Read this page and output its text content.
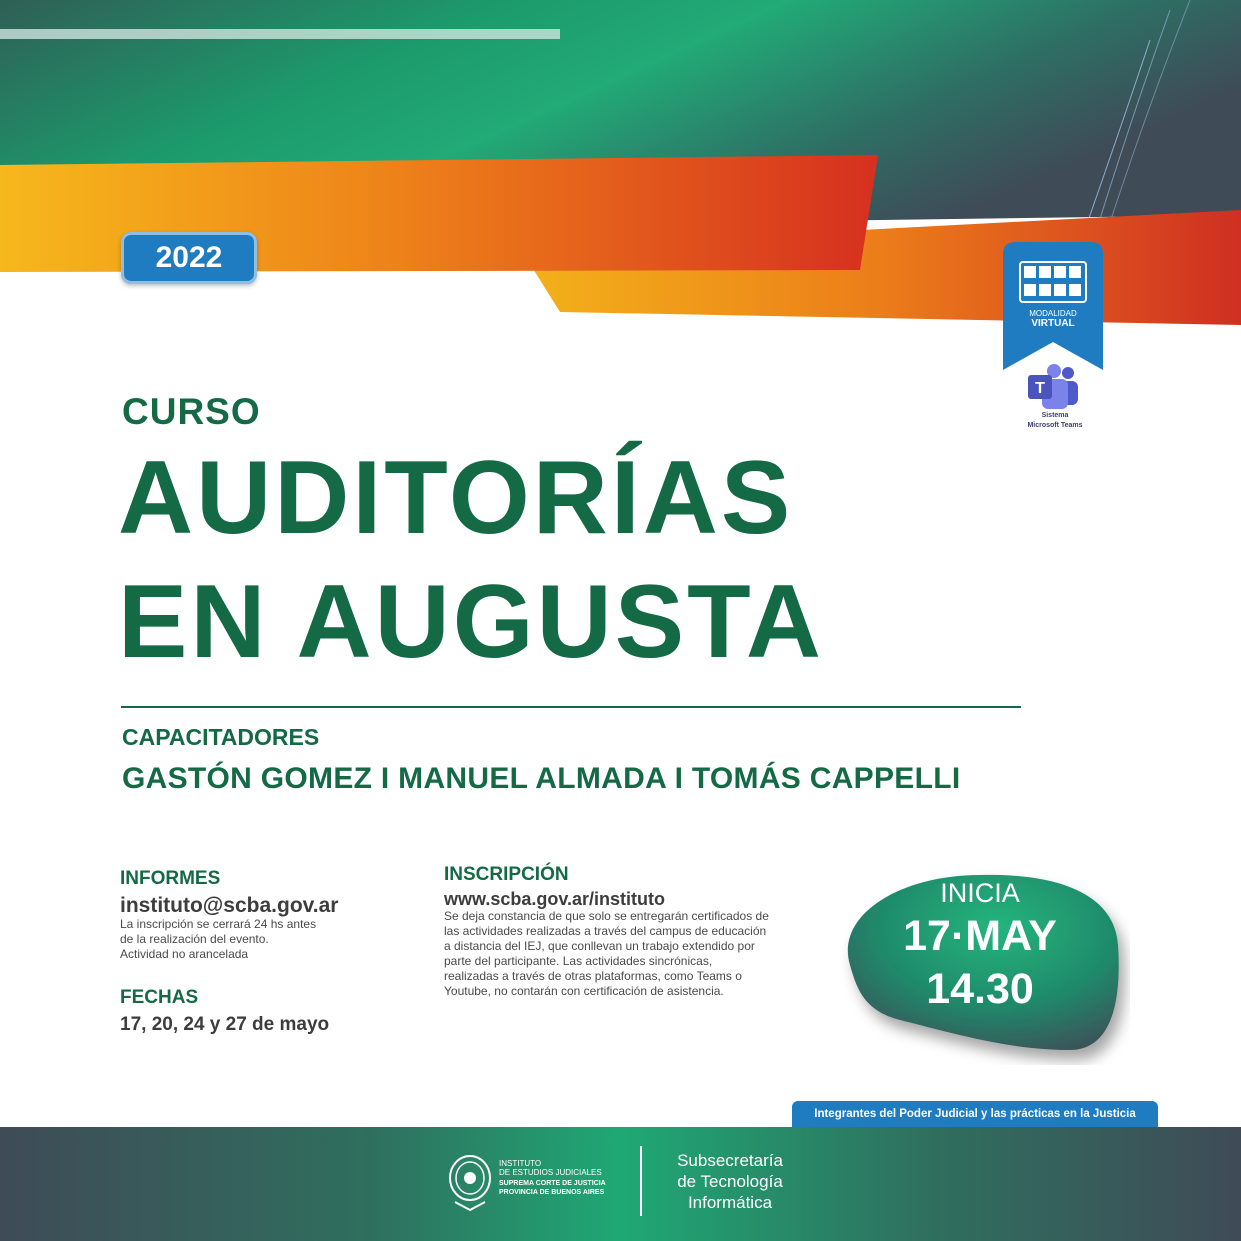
2022
MODALIDAD
VIRTUAL
T
Sistema
Microsoft Teams
CURSO
AUDITORÍAS
EN AUGUSTA
CAPACITADORES
GASTÓN GOMEZ I MANUEL ALMADA I TOMÁS CAPPELLI
INFORMES
instituto@scba.gov.ar
La inscripción se cerrará 24 hs antes
de la realización del evento.
Actividad no arancelada
FECHAS
17, 20, 24 y 27 de mayo
INSCRIPCIÓN
www.scba.gov.ar/instituto
Se deja constancia de que solo se entregarán certificados de
las actividades realizadas a través del campus de educación
a distancia del IEJ, que conllevan un trabajo extendido por
parte del participante. Las actividades sincrónicas,
realizadas a través de otras plataformas, como Teams o
Youtube, no contarán con certificación de asistencia.
INICIA
17·MAY
14.30
Integrantes del Poder Judicial y las prácticas en la Justicia
INSTITUTO
DE ESTUDIOS JUDICIALES
SUPREMA CORTE DE JUSTICIA
PROVINCIA DE BUENOS AIRES
Subsecretaría
de Tecnología
Informática
